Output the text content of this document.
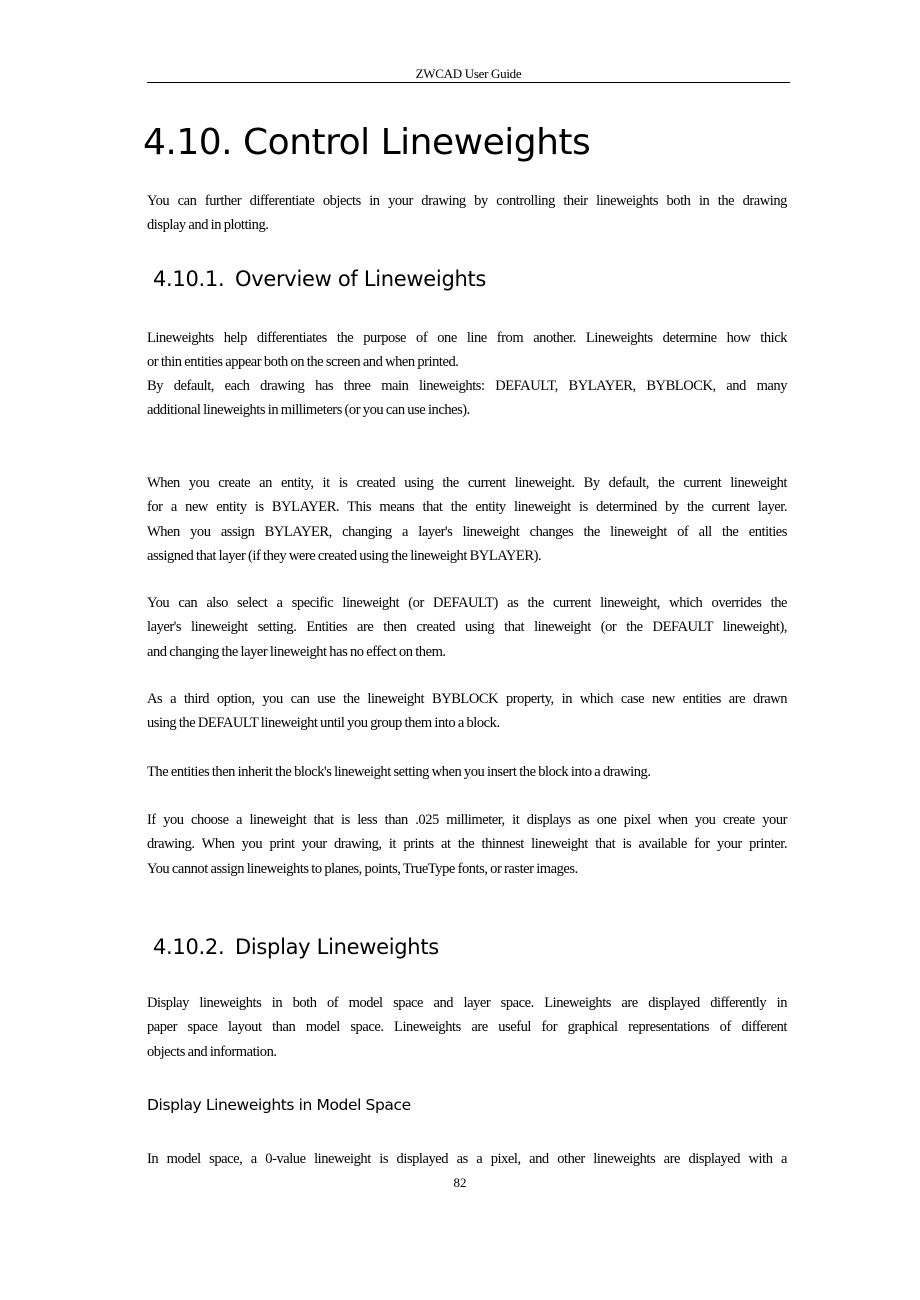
ZWCAD User Guide
4.10. Control Lineweights
You can further differentiate objects in your drawing by controlling their lineweights both in the drawing
display and in plotting.
4.10.1. Overview of Lineweights
Lineweights help differentiates the purpose of one line from another. Lineweights determine how thick
or thin entities appear both on the screen and when printed.
By default, each drawing has three main lineweights: DEFAULT, BYLAYER, BYBLOCK, and many
additional lineweights in millimeters (or you can use inches).
When you create an entity, it is created using the current lineweight. By default, the current lineweight
for a new entity is BYLAYER. This means that the entity lineweight is determined by the current layer.
When you assign BYLAYER, changing a layer's lineweight changes the lineweight of all the entities
assigned that layer (if they were created using the lineweight BYLAYER).
You can also select a specific lineweight (or DEFAULT) as the current lineweight, which overrides the
layer's lineweight setting. Entities are then created using that lineweight (or the DEFAULT lineweight),
and changing the layer lineweight has no effect on them.
As a third option, you can use the lineweight BYBLOCK property, in which case new entities are drawn
using the DEFAULT lineweight until you group them into a block.
The entities then inherit the block's lineweight setting when you insert the block into a drawing.
If you choose a lineweight that is less than .025 millimeter, it displays as one pixel when you create your
drawing. When you print your drawing, it prints at the thinnest lineweight that is available for your printer.
You cannot assign lineweights to planes, points, TrueType fonts, or raster images.
4.10.2. Display Lineweights
Display lineweights in both of model space and layer space. Lineweights are displayed differently in
paper space layout than model space. Lineweights are useful for graphical representations of different
objects and information.
Display Lineweights in Model Space
In model space, a 0-value lineweight is displayed as a pixel, and other lineweights are displayed with a
82
